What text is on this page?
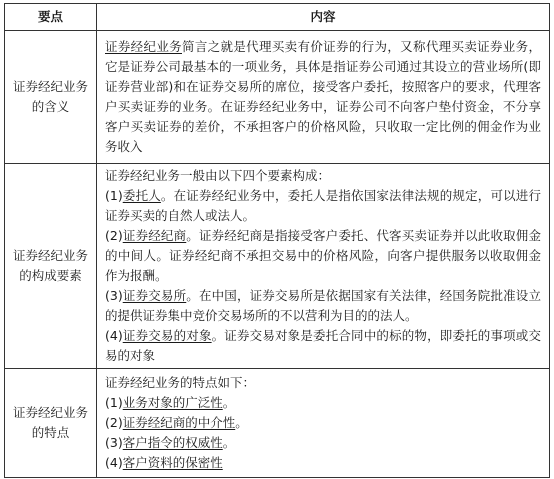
要点	内容
证券经纪业务的含义	证券经纪业务简言之就是代理买卖有价证券的行为，又称代理买卖证券业务，它是证券公司最基本的一项业务，具体是指证券公司通过其设立的营业场所(即证券营业部)和在证券交易所的席位，接受客户委托，按照客户的要求，代理客户买卖证券的业务。在证券经纪业务中，证券公司不向客户垫付资金，不分享客户买卖证券的差价，不承担客户的价格风险，只收取一定比例的佣金作为业务收入

证券经纪业务的构成要素	证券经纪业务一般由以下四个要素构成：
(1)委托人。在证券经纪业务中，委托人是指依国家法律法规的规定，可以进行证券买卖的自然人或法人。
(2)证券经纪商。证券经纪商是指接受客户委托、代客买卖证券并以此收取佣金的中间人。证券经纪商不承担交易中的价格风险，向客户提供服务以收取佣金作为报酬。
(3)证券交易所。在中国，证券交易所是依据国家有关法律，经国务院批准设立的提供证券集中竞价交易场所的不以营利为目的的法人。
(4)证券交易的对象。证券交易对象是委托合同中的标的物，即委托的事项或交易的对象

证券经纪业务的特点	证券经纪业务的特点如下：
(1)业务对象的广泛性。
(2)证券经纪商的中介性。
(3)客户指令的权威性。
(4)客户资料的保密性
